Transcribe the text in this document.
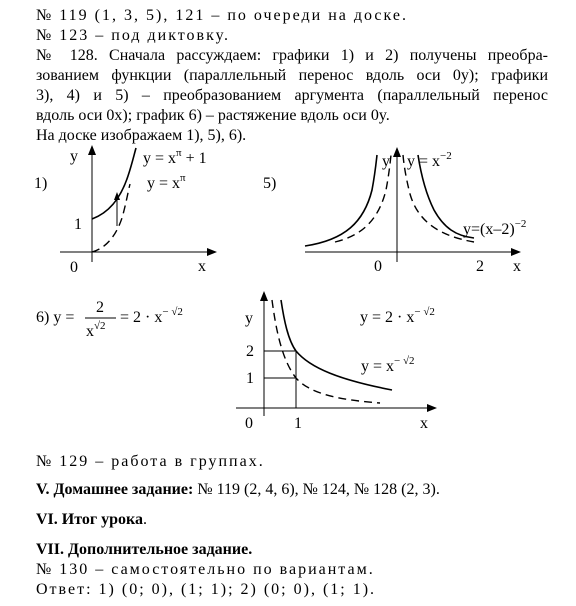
№ 119 (1, 3, 5), 121 – по очереди на доске.
№ 123 – под диктовку.
№ 128. Сначала рассуждаем: графики 1) и 2) получены преобра-
зованием функции (параллельный перенос вдоль оси 0y); графики
3), 4) и 5) – преобразованием аргумента (параллельный перенос
вдоль оси 0x); график 6) – растяжение вдоль оси 0y.
На доске изображаем 1), 5), 6).
1)
y
x
0
1
$y = x^\pi + 1$
$y = x^\pi$	5)
y
x
0	2
$y = x^{-2}$
$y=(x-2)^{-2}$
6) y =
2
$x^{√2} = 2 \cdot x^{- √2}$	y
x
0	1
2
1
$y = 2 \cdot x^{- √2}$
$y = x^{- √2}$
№ 129 – работа в группах.
V. Домашнее задание: № 119 (2, 4, 6), № 124, № 128 (2, 3).
VI. Итог урока.
VII. Дополнительное задание.
№ 130 – самостоятельно по вариантам.
Ответ: 1) (0; 0), (1; 1); 2) (0; 0), (1; 1).
